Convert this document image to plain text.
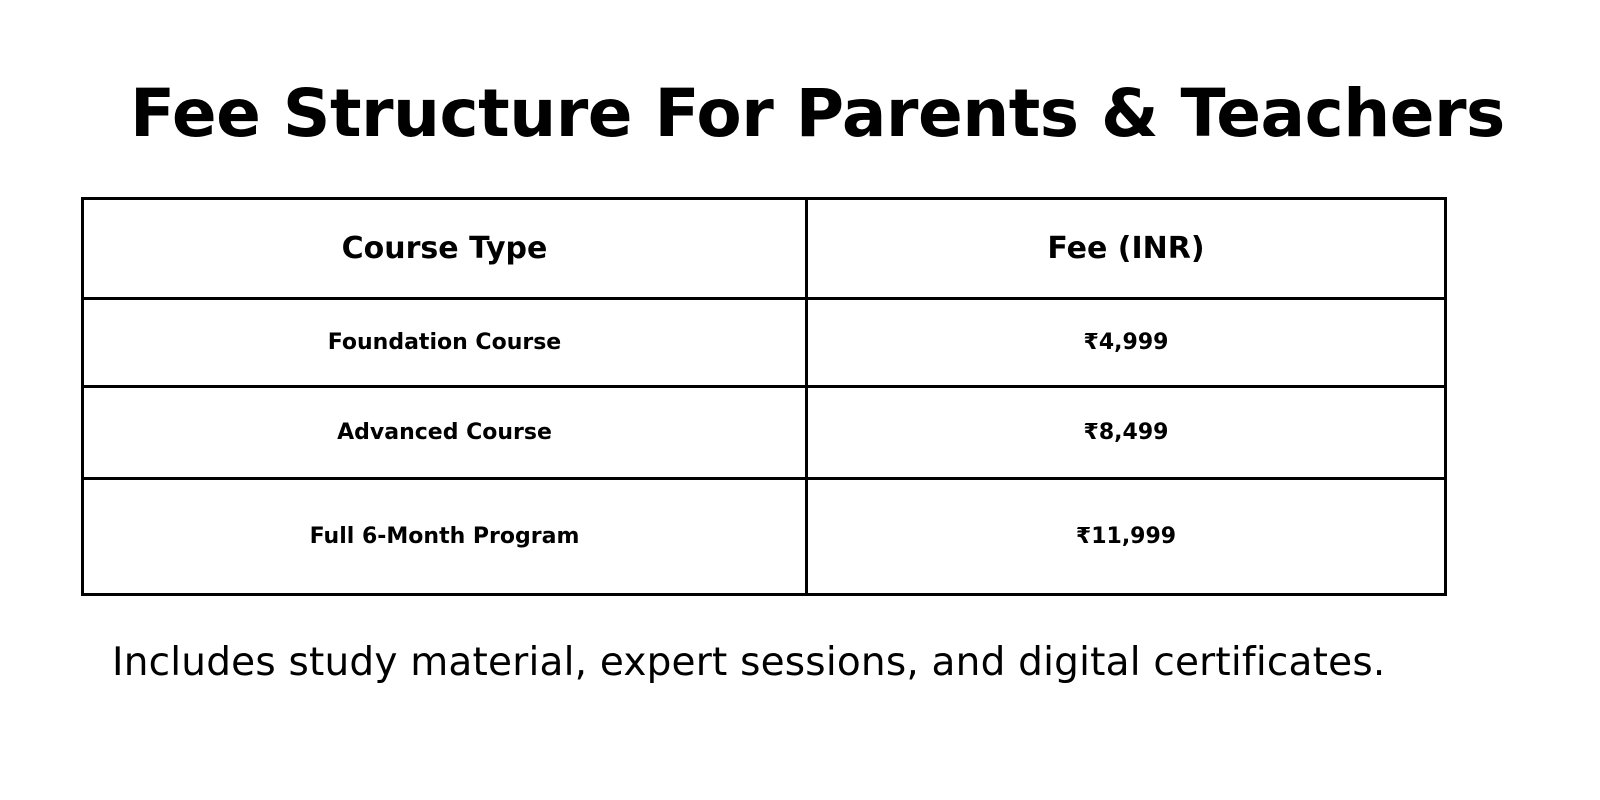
Fee Structure For Parents & Teachers
Course Type	Fee (INR)
Foundation Course	₹4,999
Advanced Course	₹8,499
Full 6-Month Program	₹11,999

Includes study material, expert sessions, and digital certificates.
